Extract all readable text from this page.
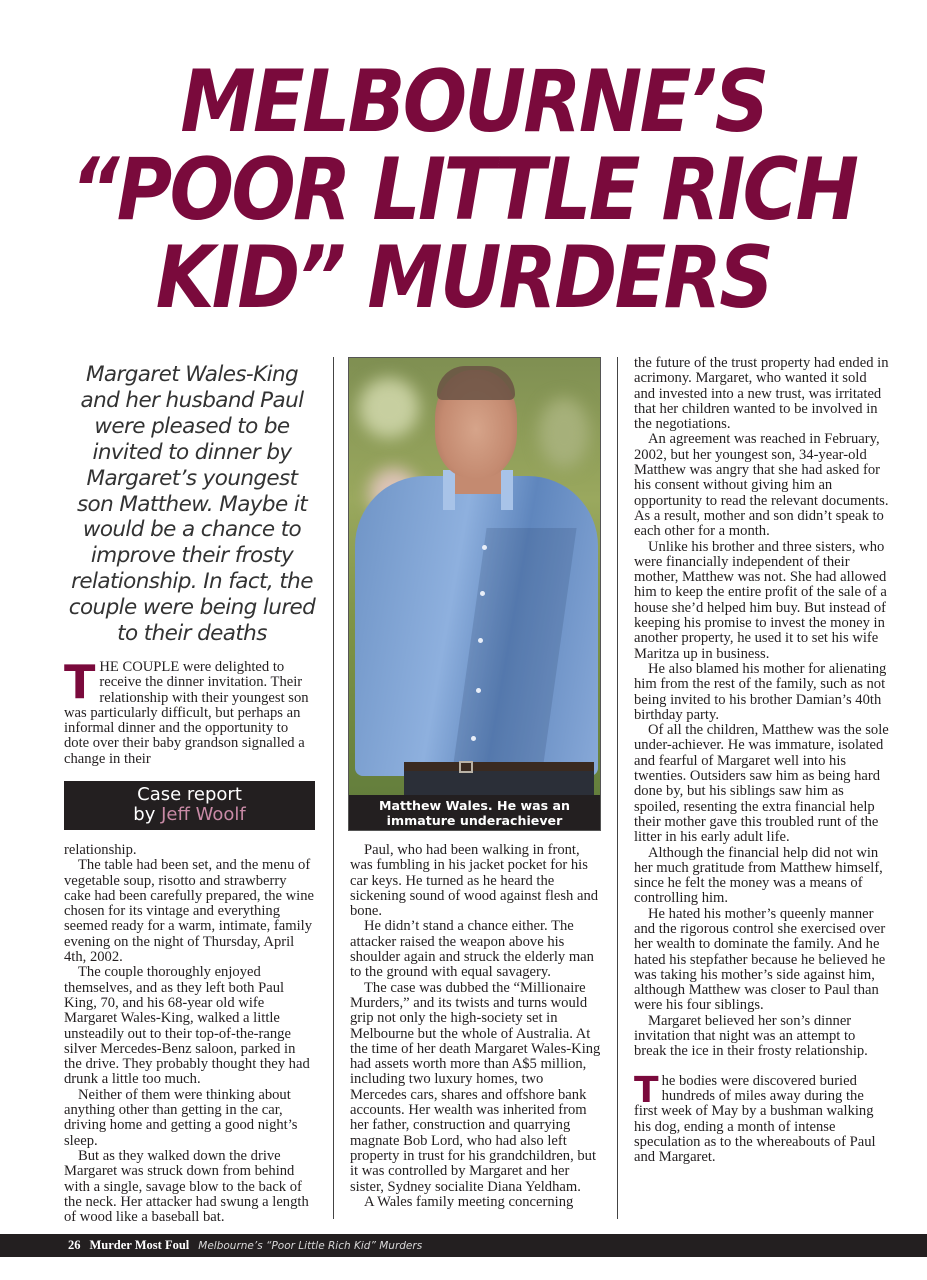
MELBOURNE’S
“POOR LITTLE RICH
KID” MURDERS
Margaret Wales-King and her husband Paul were pleased to be invited to dinner by Margaret’s youngest son Matthew. Maybe it would be a chance to improve their frosty relationship. In fact, the couple were being lured to their deaths

THE COUPLE were delighted to receive the dinner invitation. Their relationship with their youngest son was particularly difficult, but perhaps an informal dinner and the opportunity to dote over their baby grandson signalled a change in their

Case report
by Jeff Woolf

relationship.

The table had been set, and the menu of vegetable soup, risotto and strawberry cake had been carefully prepared, the wine chosen for its vintage and everything seemed ready for a warm, intimate, family evening on the night of Thursday, April 4th, 2002.

The couple thoroughly enjoyed themselves, and as they left both Paul King, 70, and his 68-year old wife Margaret Wales-King, walked a little unsteadily out to their top-of-the-range silver Mercedes-Benz saloon, parked in the drive. They probably thought they had drunk a little too much.

Neither of them were thinking about anything other than getting in the car, driving home and getting a good night’s sleep.

But as they walked down the drive Margaret was struck down from behind with a single, savage blow to the back of the neck. Her attacker had swung a length of wood like a baseball bat.

Matthew Wales. He was an
immature underachiever

Paul, who had been walking in front, was fumbling in his jacket pocket for his car keys. He turned as he heard the sickening sound of wood against flesh and bone.

He didn’t stand a chance either. The attacker raised the weapon above his shoulder again and struck the elderly man to the ground with equal savagery.

The case was dubbed the “Millionaire Murders,” and its twists and turns would grip not only the high-society set in Melbourne but the whole of Australia. At the time of her death Margaret Wales-King had assets worth more than A$5 million, including two luxury homes, two Mercedes cars, shares and offshore bank accounts. Her wealth was inherited from her father, construction and quarrying magnate Bob Lord, who had also left property in trust for his grandchildren, but it was controlled by Margaret and her sister, Sydney socialite Diana Yeldham.

A Wales family meeting concerning

the future of the trust property had ended in acrimony. Margaret, who wanted it sold and invested into a new trust, was irritated that her children wanted to be involved in the negotiations.

An agreement was reached in February, 2002, but her youngest son, 34-year-old Matthew was angry that she had asked for his consent without giving him an opportunity to read the relevant documents. As a result, mother and son didn’t speak to each other for a month.

Unlike his brother and three sisters, who were financially independent of their mother, Matthew was not. She had allowed him to keep the entire profit of the sale of a house she’d helped him buy. But instead of keeping his promise to invest the money in another property, he used it to set his wife Maritza up in business.

He also blamed his mother for alienating him from the rest of the family, such as not being invited to his brother Damian’s 40th birthday party.

Of all the children, Matthew was the sole under-achiever. He was immature, isolated and fearful of Margaret well into his twenties. Outsiders saw him as being hard done by, but his siblings saw him as spoiled, resenting the extra financial help their mother gave this troubled runt of the litter in his early adult life.

Although the financial help did not win her much gratitude from Matthew himself, since he felt the money was a means of controlling him.

He hated his mother’s queenly manner and the rigorous control she exercised over her wealth to dominate the family. And he hated his stepfather because he believed he was taking his mother’s side against him, although Matthew was closer to Paul than were his four siblings.

Margaret believed her son’s dinner invitation that night was an attempt to break the ice in their frosty relationship.

The bodies were discovered buried hundreds of miles away during the first week of May by a bushman walking his dog, ending a month of intense speculation as to the whereabouts of Paul and Margaret.

26 Murder Most Foul Melbourne’s “Poor Little Rich Kid” Murders
